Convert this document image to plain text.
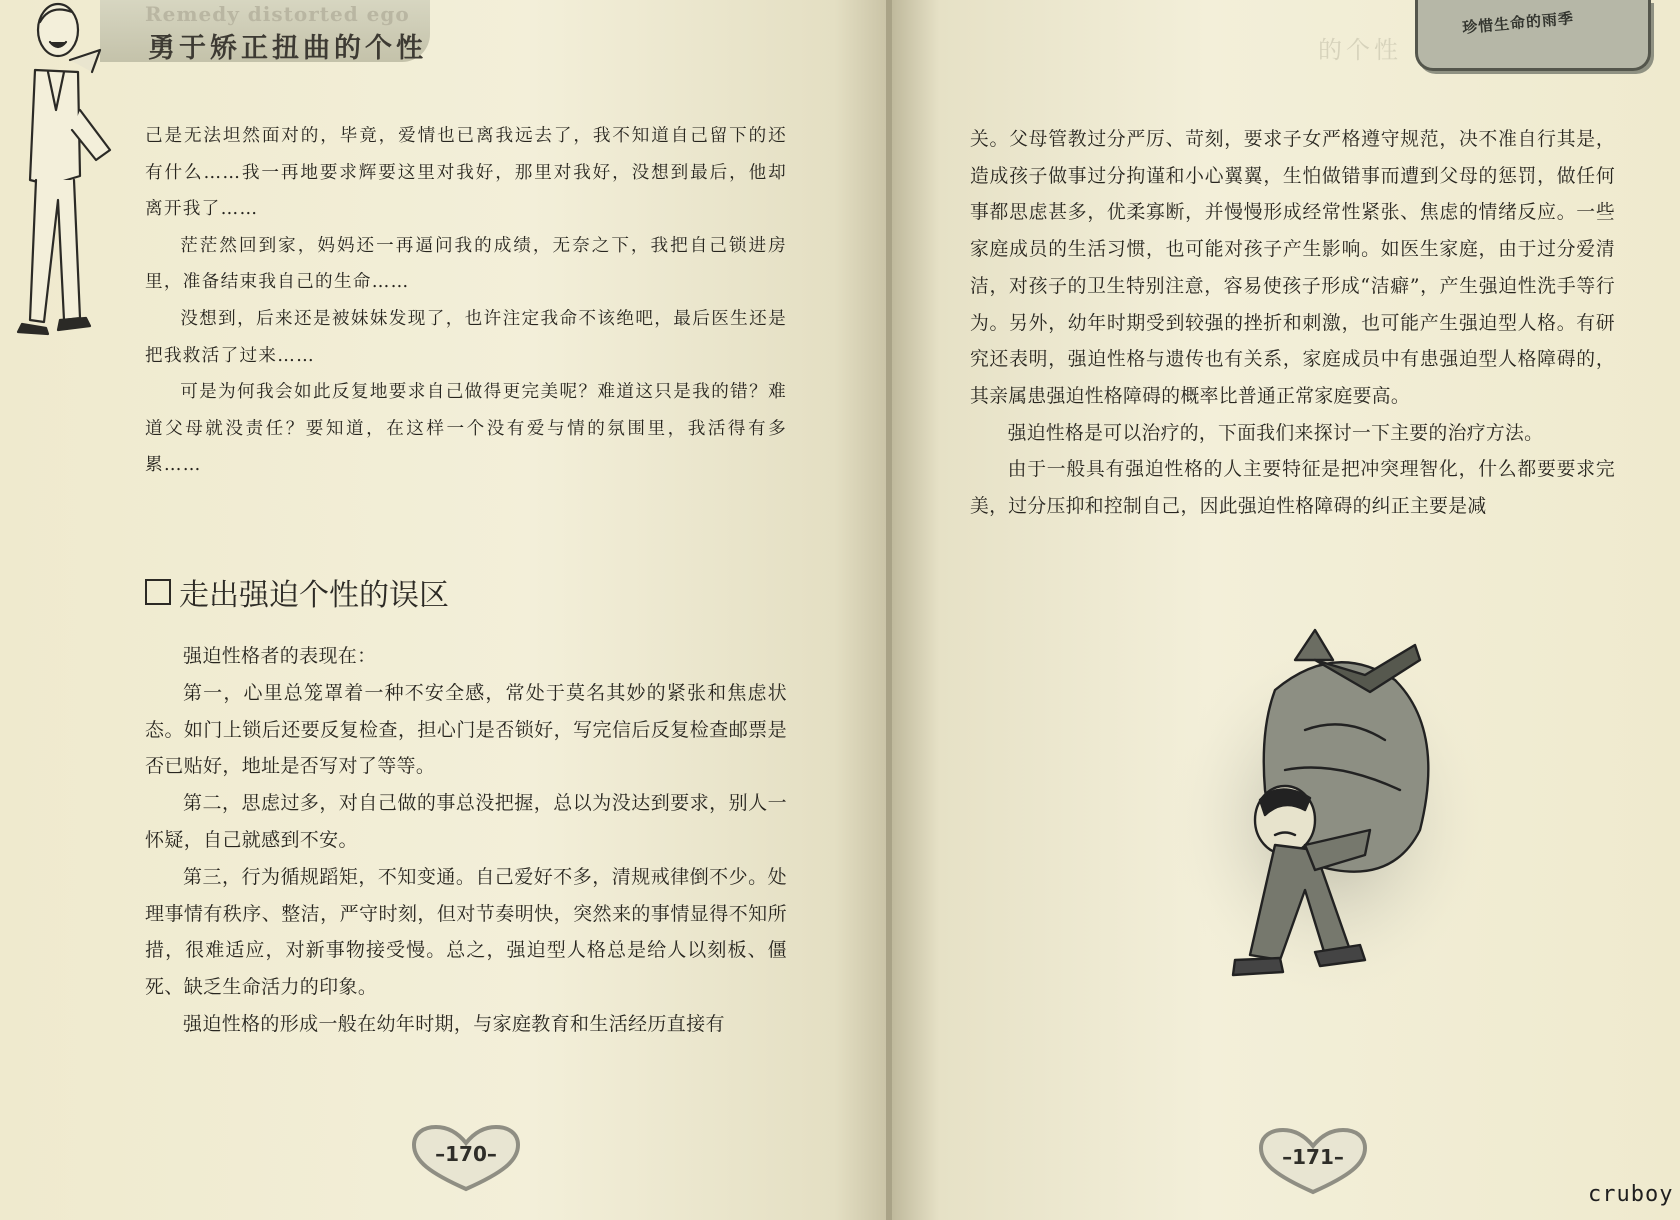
Remedy distorted ego
勇于矫正扭曲的个性	的个性
珍惜生命的雨季

己是无法坦然面对的，毕竟，爱情也已离我远去了，我不知道自己留下的还有什么……我一再地要求辉要这里对我好，那里对我好，没想到最后，他却离开我了……

茫茫然回到家，妈妈还一再逼问我的成绩，无奈之下，我把自己锁进房里，准备结束我自己的生命……

没想到，后来还是被妹妹发现了，也许注定我命不该绝吧，最后医生还是把我救活了过来……

可是为何我会如此反复地要求自己做得更完美呢？难道这只是我的错？难道父母就没责任？要知道，在这样一个没有爱与情的氛围里，我活得有多累……

走出强迫个性的误区

强迫性格者的表现在：

第一，心里总笼罩着一种不安全感，常处于莫名其妙的紧张和焦虑状态。如门上锁后还要反复检查，担心门是否锁好，写完信后反复检查邮票是否已贴好，地址是否写对了等等。

第二，思虑过多，对自己做的事总没把握，总以为没达到要求，别人一怀疑，自己就感到不安。

第三，行为循规蹈矩，不知变通。自己爱好不多，清规戒律倒不少。处理事情有秩序、整洁，严守时刻，但对节奏明快，突然来的事情显得不知所措，很难适应，对新事物接受慢。总之，强迫型人格总是给人以刻板、僵死、缺乏生命活力的印象。

强迫性格的形成一般在幼年时期，与家庭教育和生活经历直接有

关。父母管教过分严厉、苛刻，要求子女严格遵守规范，决不准自行其是，造成孩子做事过分拘谨和小心翼翼，生怕做错事而遭到父母的惩罚，做任何事都思虑甚多，优柔寡断，并慢慢形成经常性紧张、焦虑的情绪反应。一些家庭成员的生活习惯，也可能对孩子产生影响。如医生家庭，由于过分爱清洁，对孩子的卫生特别注意，容易使孩子形成“洁癖”，产生强迫性洗手等行为。另外，幼年时期受到较强的挫折和刺激，也可能产生强迫型人格。有研究还表明，强迫性格与遗传也有关系，家庭成员中有患强迫型人格障碍的，其亲属患强迫性格障碍的概率比普通正常家庭要高。

强迫性格是可以治疗的，下面我们来探讨一下主要的治疗方法。

由于一般具有强迫性格的人主要特征是把冲突理智化，什么都要要求完美，过分压抑和控制自己，因此强迫性格障碍的纠正主要是减

–170–	–171–
cruboy
